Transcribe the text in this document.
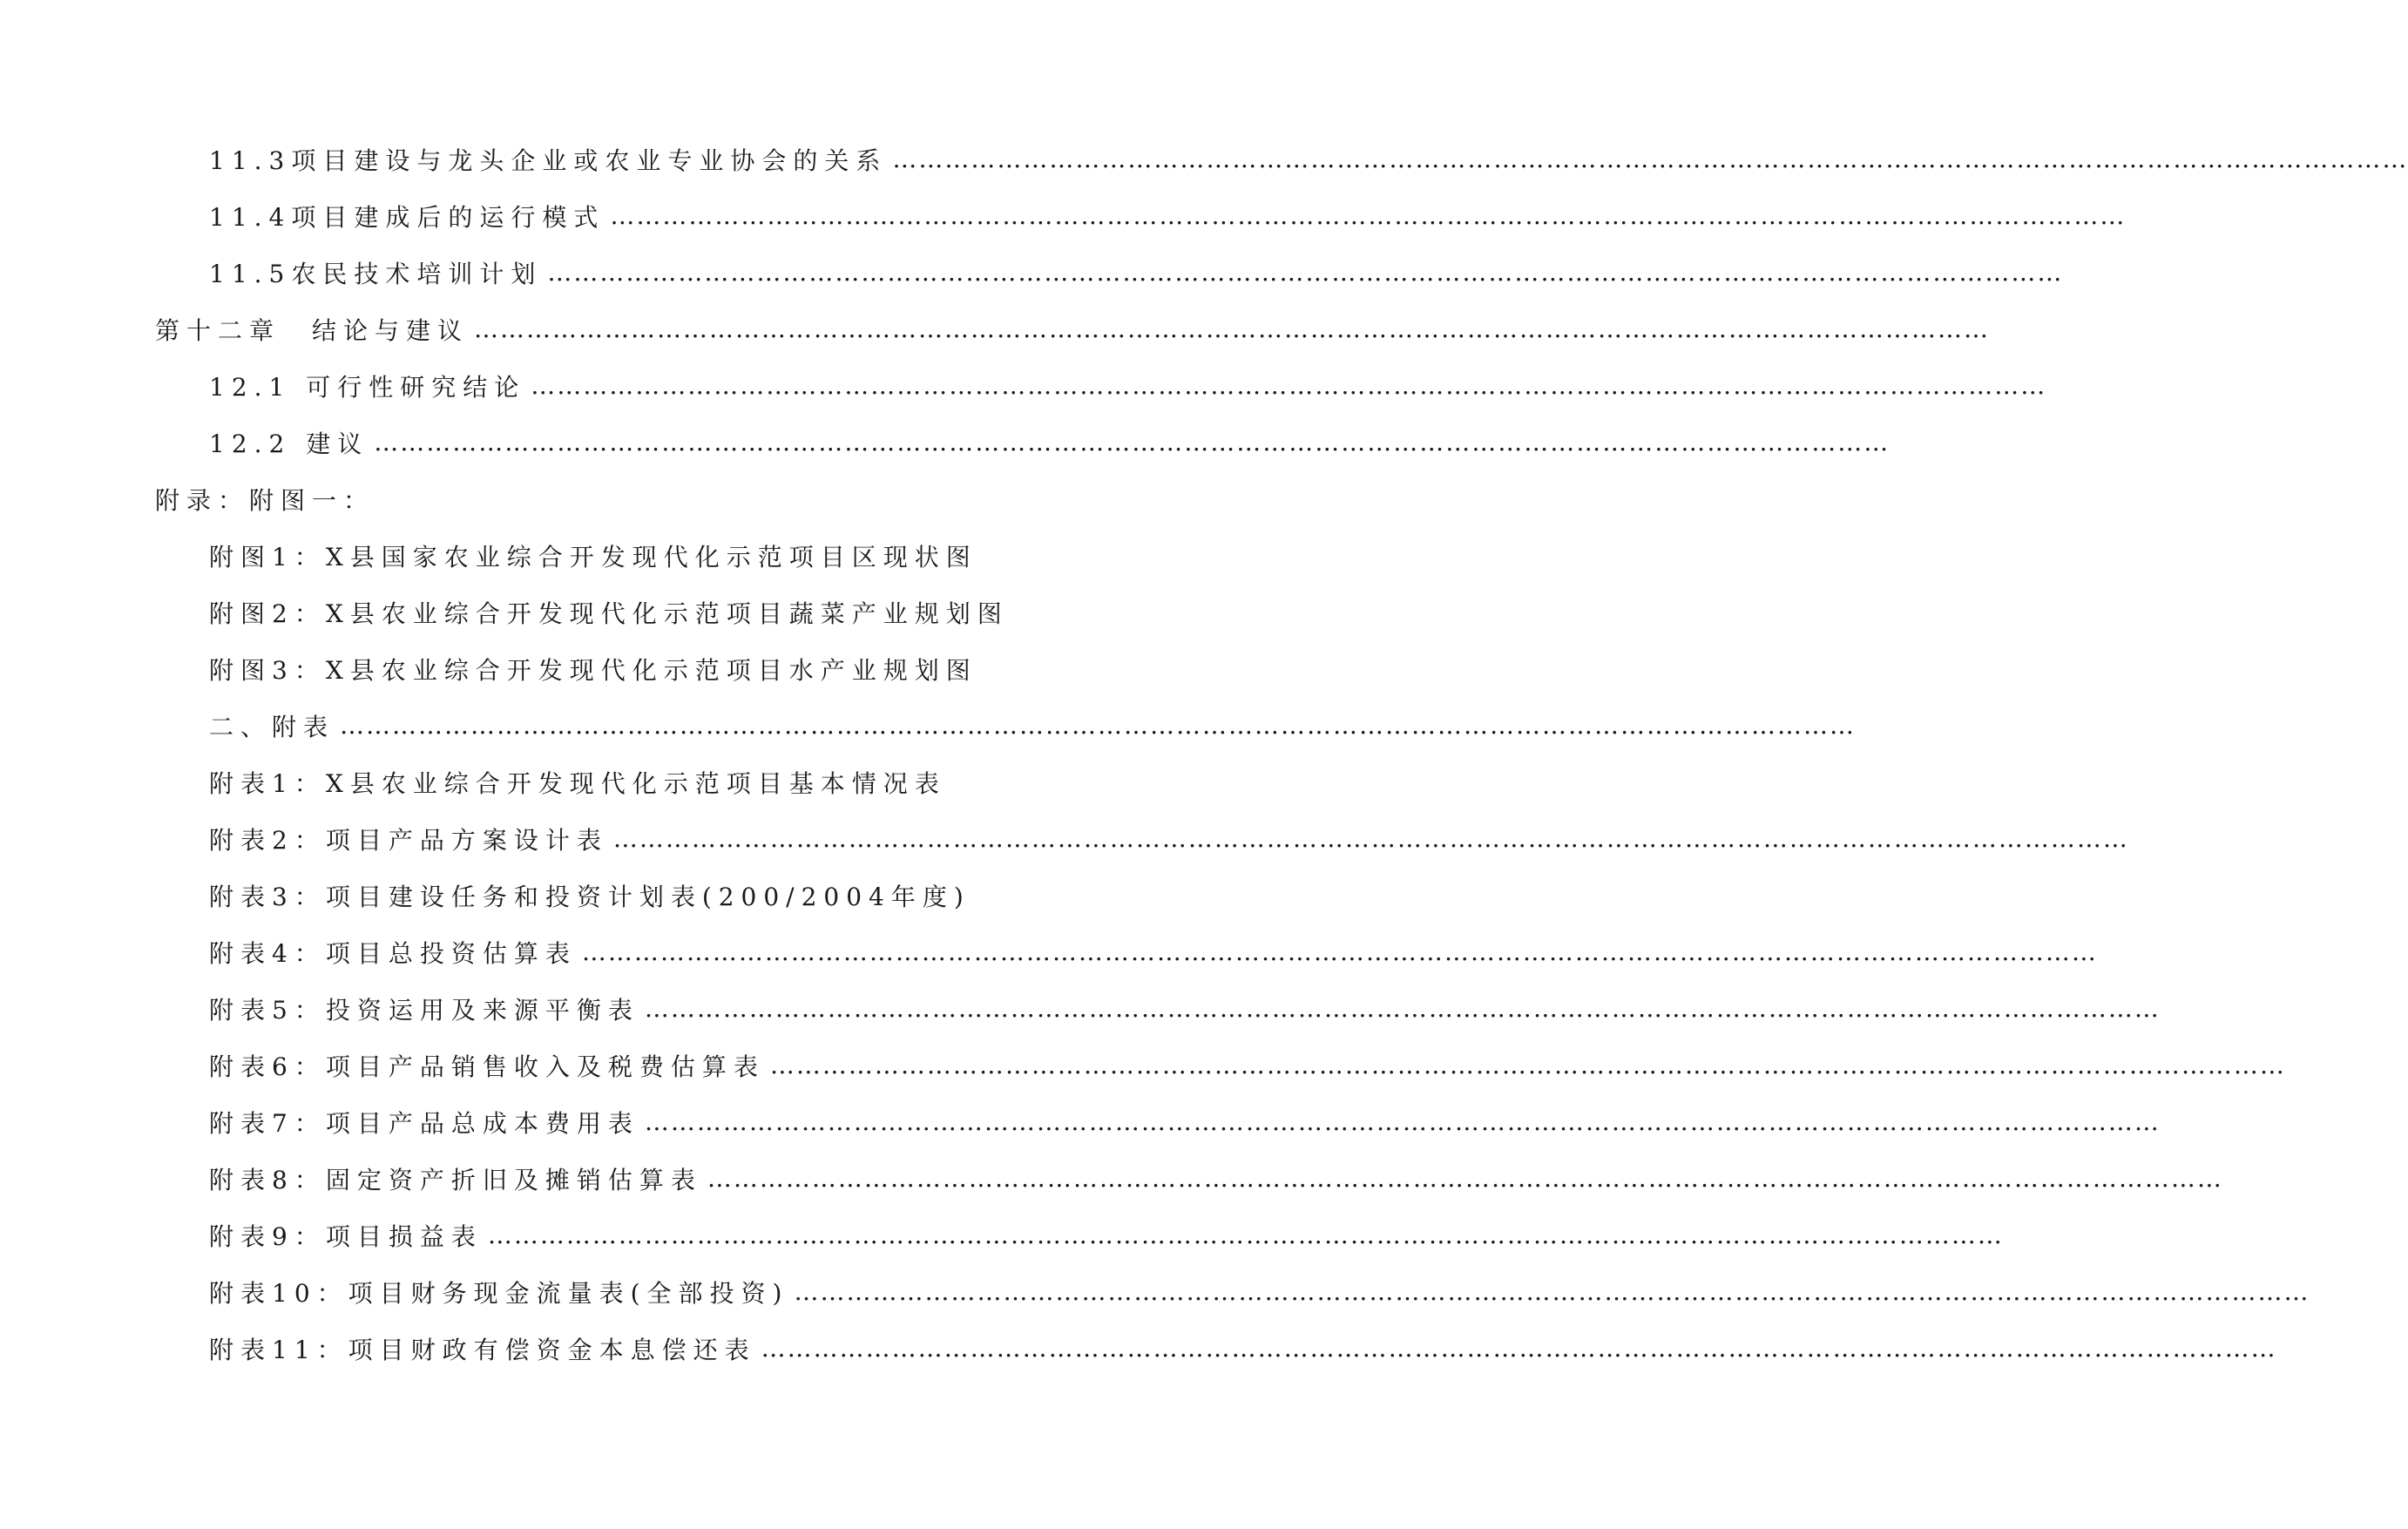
11.3项目建设与龙头企业或农业专业协会的关系 …………………………………………………………………………………………………………………………………………………………
11.4项目建成后的运行模式 …………………………………………………………………………………………………………………………………………………………
11.5农民技术培训计划 …………………………………………………………………………………………………………………………………………………………
第十二章　结论与建议 …………………………………………………………………………………………………………………………………………………………
12.1 可行性研究结论 …………………………………………………………………………………………………………………………………………………………
12.2 建议 …………………………………………………………………………………………………………………………………………………………
附录：附图一：
附图1：X县国家农业综合开发现代化示范项目区现状图
附图2：X县农业综合开发现代化示范项目蔬菜产业规划图
附图3：X县农业综合开发现代化示范项目水产业规划图
二、附表 …………………………………………………………………………………………………………………………………………………………
附表1：X县农业综合开发现代化示范项目基本情况表
附表2：项目产品方案设计表 …………………………………………………………………………………………………………………………………………………………
附表3：项目建设任务和投资计划表(200/2004年度)
附表4：项目总投资估算表 …………………………………………………………………………………………………………………………………………………………
附表5：投资运用及来源平衡表 …………………………………………………………………………………………………………………………………………………………
附表6：项目产品销售收入及税费估算表 …………………………………………………………………………………………………………………………………………………………
附表7：项目产品总成本费用表 …………………………………………………………………………………………………………………………………………………………
附表8：固定资产折旧及摊销估算表 …………………………………………………………………………………………………………………………………………………………
附表9：项目损益表 …………………………………………………………………………………………………………………………………………………………
附表10：项目财务现金流量表(全部投资) …………………………………………………………………………………………………………………………………………………………
附表11：项目财政有偿资金本息偿还表 …………………………………………………………………………………………………………………………………………………………
